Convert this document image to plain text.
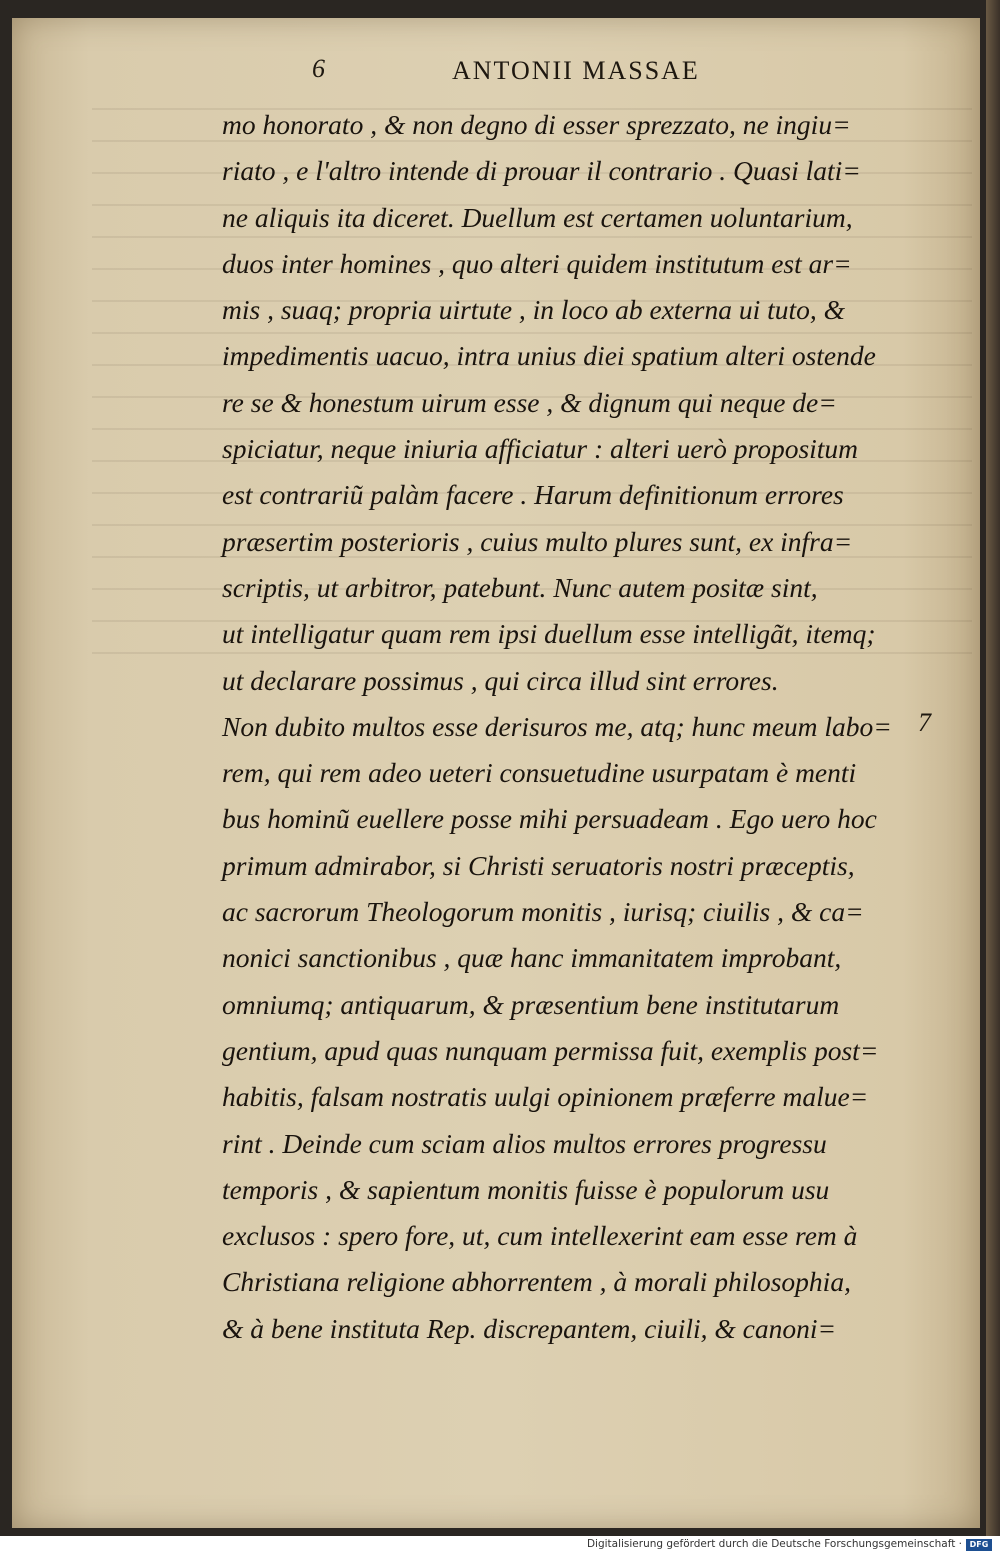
6	ANTONII MASSAE
mo honorato , & non degno di esser sprezzato, ne ingiu=
riato , e l'altro intende di prouar il contrario . Quasi lati=
ne aliquis ita diceret. Duellum est certamen uoluntarium,
duos inter homines , quo alteri quidem institutum est ar=
mis , suaq; propria uirtute , in loco ab externa ui tuto, &
impedimentis uacuo, intra unius diei spatium alteri ostende
re se & honestum uirum esse , & dignum qui neque de=
spiciatur, neque iniuria afficiatur : alteri uerò propositum
est contrariũ palàm facere . Harum definitionum errores
præsertim posterioris , cuius multo plures sunt, ex infra=
scriptis, ut arbitror, patebunt. Nunc autem positæ sint,
ut intelligatur quam rem ipsi duellum esse intelligãt, itemq;
ut declarare possimus , qui circa illud sint errores.
Non dubito multos esse derisuros me, atq; hunc meum labo=
rem, qui rem adeo ueteri consuetudine usurpatam è menti
bus hominũ euellere posse mihi persuadeam . Ego uero hoc
primum admirabor, si Christi seruatoris nostri præceptis,
ac sacrorum Theologorum monitis , iurisq; ciuilis , & ca=
nonici sanctionibus , quæ hanc immanitatem improbant,
omniumq; antiquarum, & præsentium bene institutarum
gentium, apud quas nunquam permissa fuit, exemplis post=
habitis, falsam nostratis uulgi opinionem præferre malue=
rint . Deinde cum sciam alios multos errores progressu
temporis , & sapientum monitis fuisse è populorum usu
exclusos : spero fore, ut, cum intellexerint eam esse rem à
Christiana religione abhorrentem , à morali philosophia,
& à bene instituta Rep. discrepantem, ciuili, & canoni=
7
Digitalisierung gefördert durch die Deutsche Forschungsgemeinschaft · DFG
